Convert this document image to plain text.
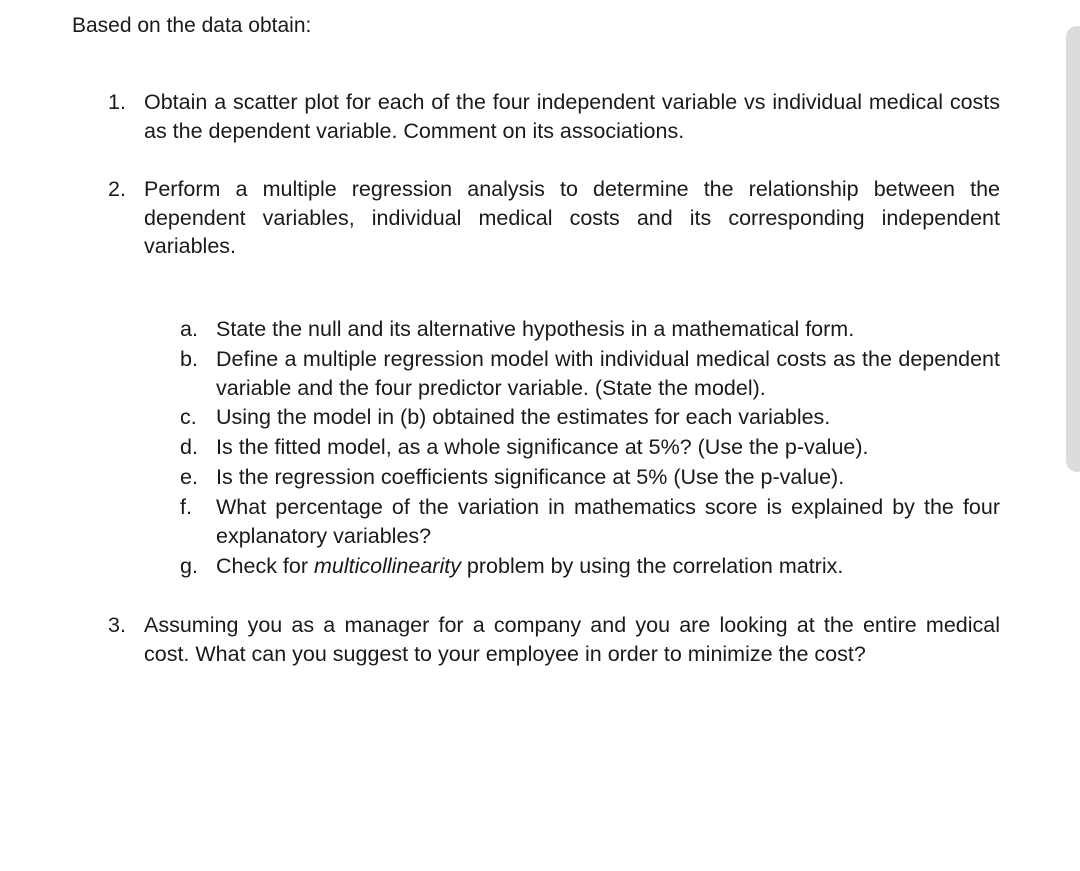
Based on the data obtain:
1. Obtain a scatter plot for each of the four independent variable vs individual medical costs as the dependent variable. Comment on its associations.
2. Perform a multiple regression analysis to determine the relationship between the dependent variables, individual medical costs and its corresponding independent variables.
a. State the null and its alternative hypothesis in a mathematical form.
b. Define a multiple regression model with individual medical costs as the dependent variable and the four predictor variable. (State the model).
c. Using the model in (b) obtained the estimates for each variables.
d. Is the fitted model, as a whole significance at 5%? (Use the p-value).
e. Is the regression coefficients significance at 5% (Use the p-value).
f. What percentage of the variation in mathematics score is explained by the four explanatory variables?
g. Check for multicollinearity problem by using the correlation matrix.
3. Assuming you as a manager for a company and you are looking at the entire medical cost. What can you suggest to your employee in order to minimize the cost?
